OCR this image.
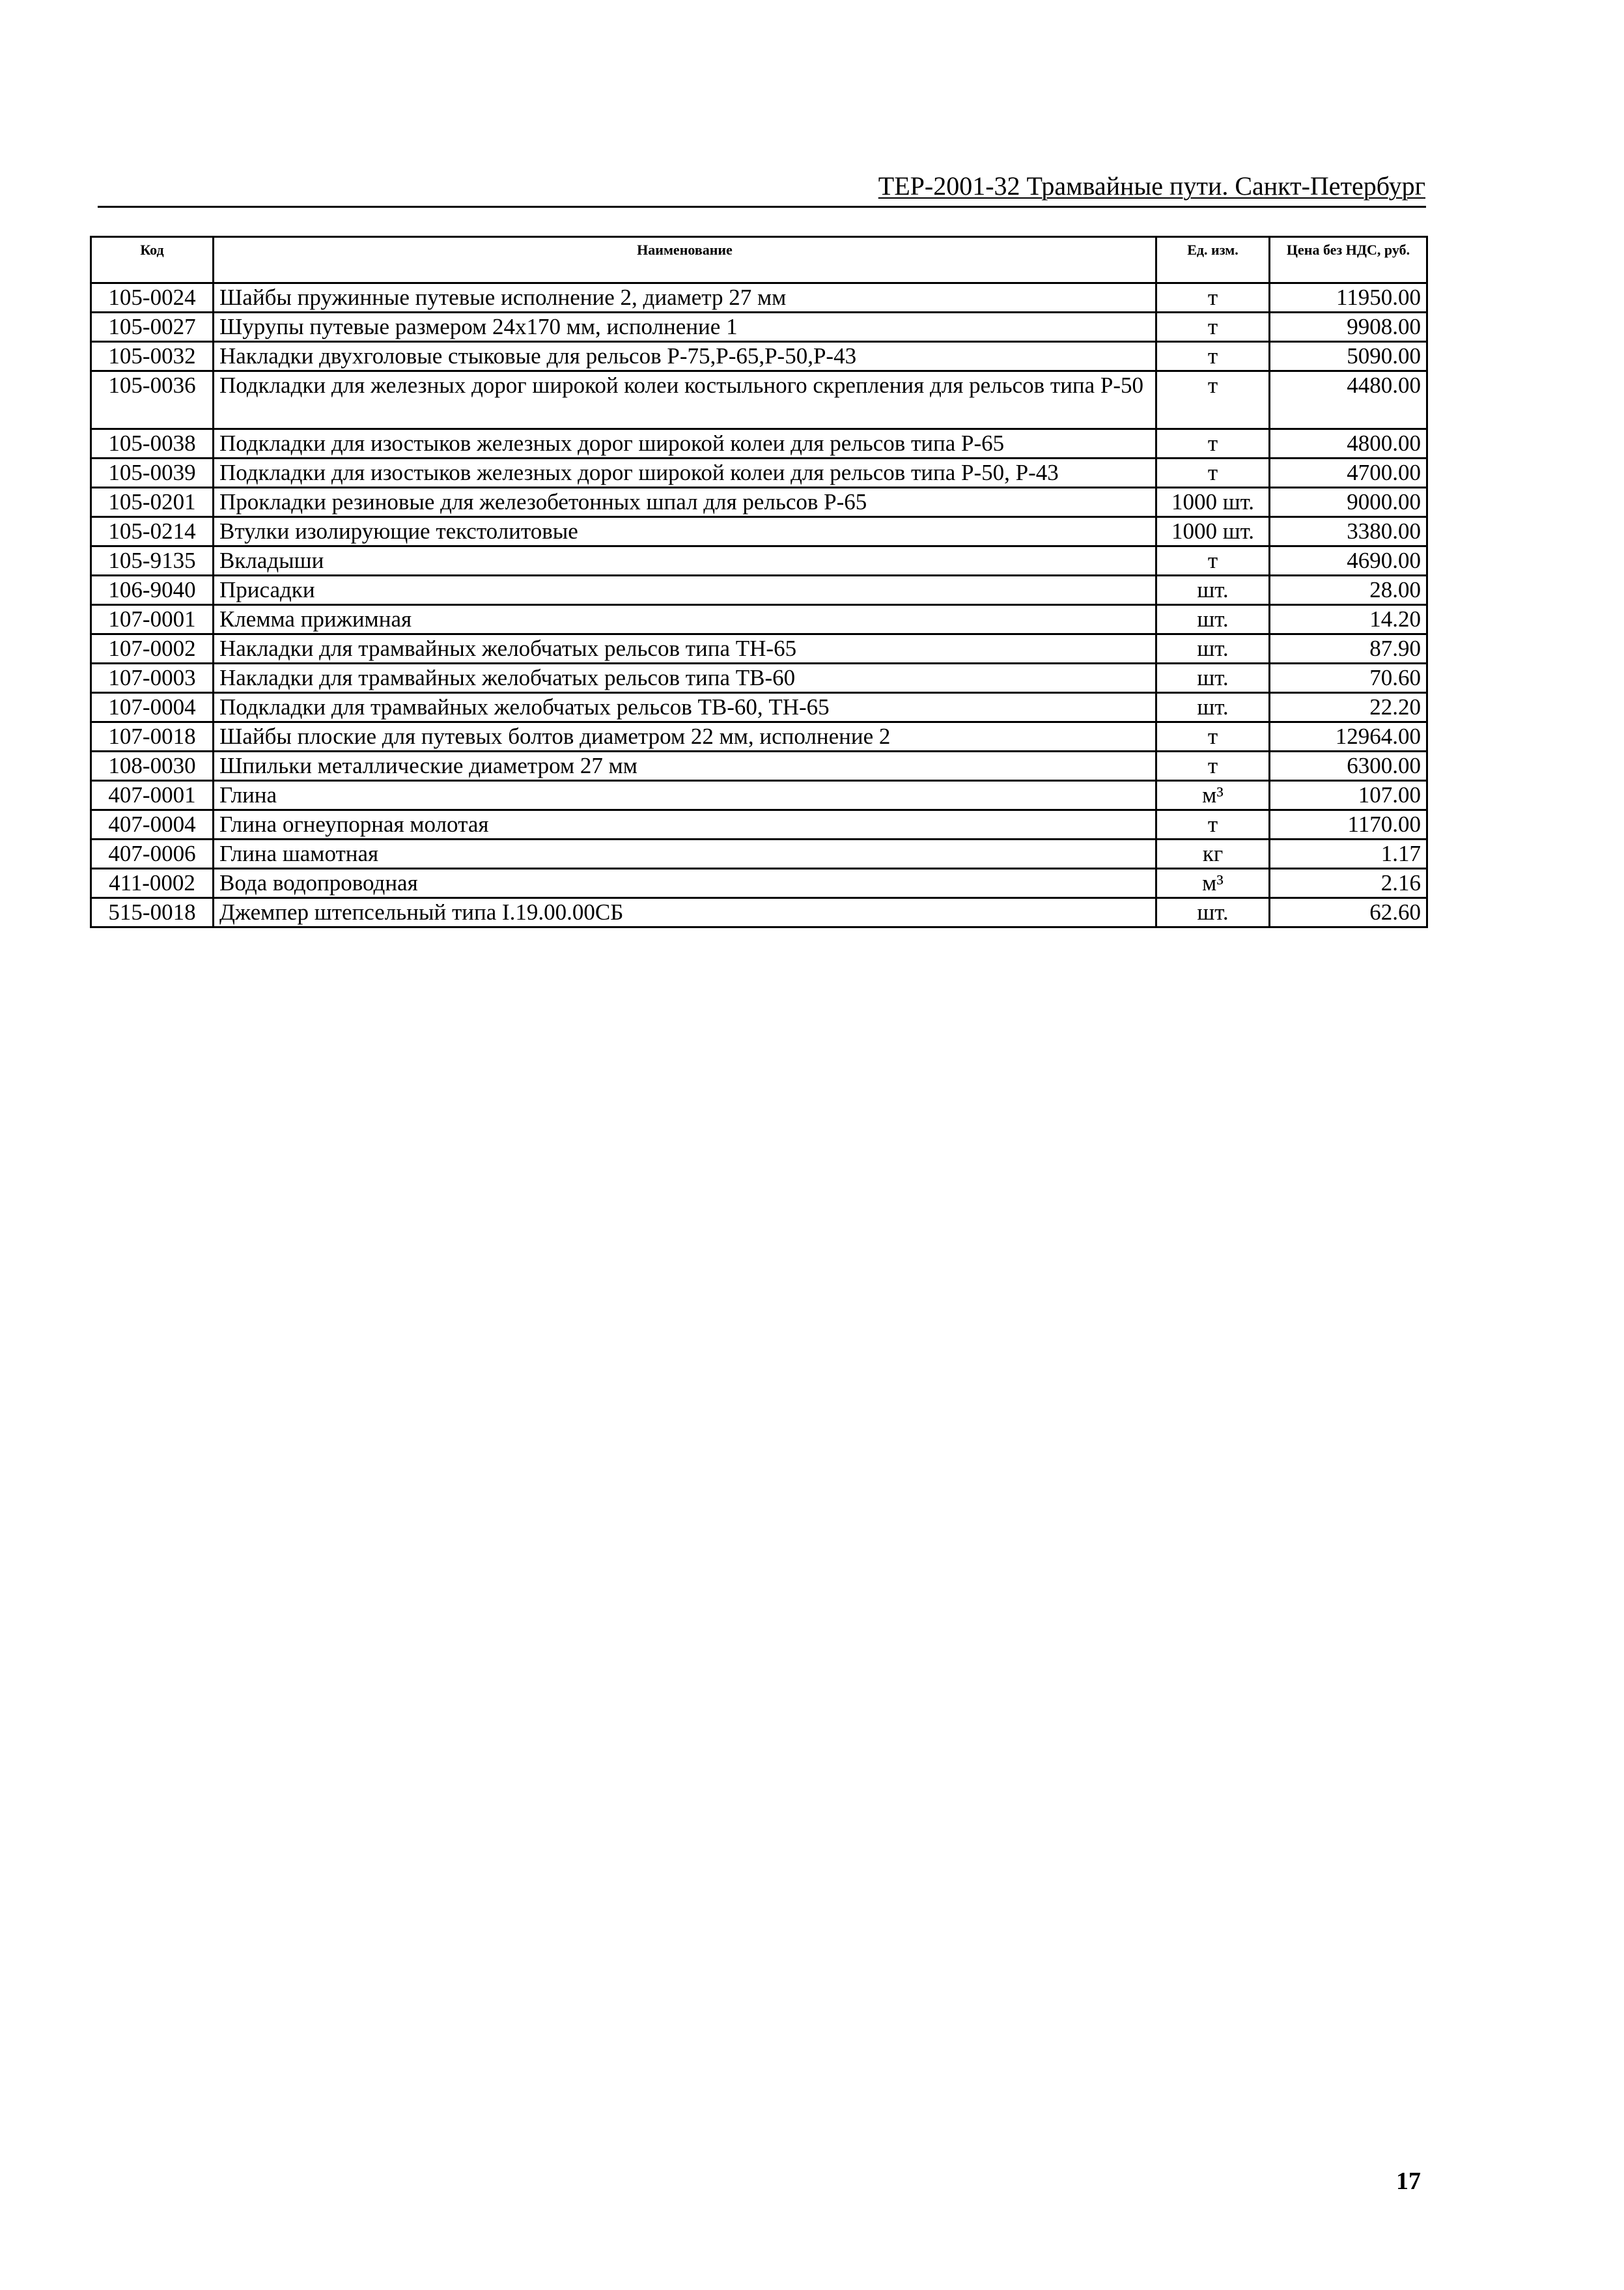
ТЕР-2001-32 Трамвайные пути. Санкт-Петербург
Код	Наименование	Ед. изм.	Цена без НДС, руб.
105-0024	Шайбы пружинные путевые исполнение 2, диаметр 27 мм	т	11950.00
105-0027	Шурупы путевые размером 24х170 мм, исполнение 1	т	9908.00
105-0032	Накладки двухголовые стыковые для рельсов Р-75,Р-65,Р-50,Р-43	т	5090.00
105-0036	Подкладки для железных дорог широкой колеи костыльного скрепления для рельсов типа Р-50	т	4480.00
105-0038	Подкладки для изостыков железных дорог широкой колеи для рельсов типа Р-65	т	4800.00
105-0039	Подкладки для изостыков железных дорог широкой колеи для рельсов типа Р-50, Р-43	т	4700.00
105-0201	Прокладки резиновые для железобетонных шпал для рельсов Р-65	1000 шт.	9000.00
105-0214	Втулки изолирующие текстолитовые	1000 шт.	3380.00
105-9135	Вкладыши	т	4690.00
106-9040	Присадки	шт.	28.00
107-0001	Клемма прижимная	шт.	14.20
107-0002	Накладки для трамвайных желобчатых рельсов типа ТН-65	шт.	87.90
107-0003	Накладки для трамвайных желобчатых рельсов типа ТВ-60	шт.	70.60
107-0004	Подкладки для трамвайных желобчатых рельсов ТВ-60, ТН-65	шт.	22.20
107-0018	Шайбы плоские для путевых болтов диаметром 22 мм, исполнение 2	т	12964.00
108-0030	Шпильки металлические диаметром 27 мм	т	6300.00
407-0001	Глина	м³	107.00
407-0004	Глина огнеупорная молотая	т	1170.00
407-0006	Глина шамотная	кг	1.17
411-0002	Вода водопроводная	м³	2.16
515-0018	Джемпер штепсельный типа I.19.00.00СБ	шт.	62.60
17
